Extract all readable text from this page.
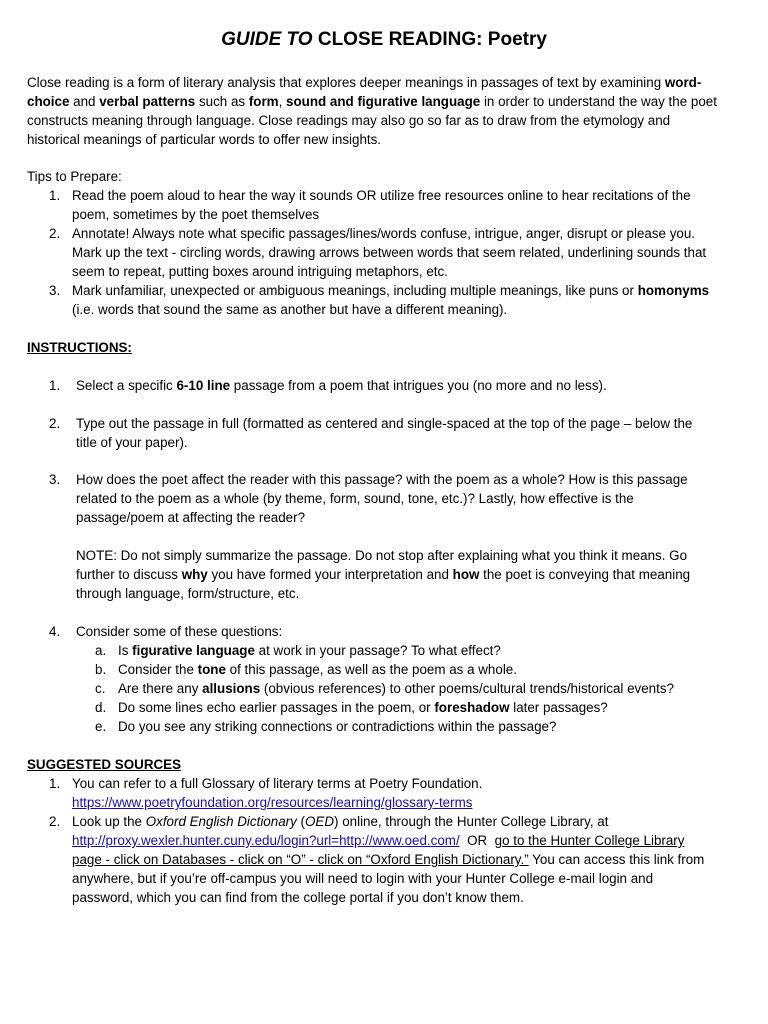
GUIDE TO CLOSE READING: Poetry
Close reading is a form of literary analysis that explores deeper meanings in passages of text by examining word-
choice and verbal patterns such as form, sound and figurative language in order to understand the way the poet
constructs meaning through language. Close readings may also go so far as to draw from the etymology and
historical meanings of particular words to offer new insights.
Tips to Prepare:
1. Read the poem aloud to hear the way it sounds OR utilize free resources online to hear recitations of the
poem, sometimes by the poet themselves
2. Annotate! Always note what specific passages/lines/words confuse, intrigue, anger, disrupt or please you.
Mark up the text - circling words, drawing arrows between words that seem related, underlining sounds that
seem to repeat, putting boxes around intriguing metaphors, etc.
3. Mark unfamiliar, unexpected or ambiguous meanings, including multiple meanings, like puns or homonyms
(i.e. words that sound the same as another but have a different meaning).
INSTRUCTIONS:
1. Select a specific 6-10 line passage from a poem that intrigues you (no more and no less).
2. Type out the passage in full (formatted as centered and single-spaced at the top of the page – below the
title of your paper).
3. How does the poet affect the reader with this passage? with the poem as a whole? How is this passage
related to the poem as a whole (by theme, form, sound, tone, etc.)? Lastly, how effective is the
passage/poem at affecting the reader?
NOTE: Do not simply summarize the passage. Do not stop after explaining what you think it means. Go
further to discuss why you have formed your interpretation and how the poet is conveying that meaning
through language, form/structure, etc.
4. Consider some of these questions:
a. Is figurative language at work in your passage? To what effect?
b. Consider the tone of this passage, as well as the poem as a whole.
c. Are there any allusions (obvious references) to other poems/cultural trends/historical events?
d. Do some lines echo earlier passages in the poem, or foreshadow later passages?
e. Do you see any striking connections or contradictions within the passage?
SUGGESTED SOURCES
1. You can refer to a full Glossary of literary terms at Poetry Foundation.
https://www.poetryfoundation.org/resources/learning/glossary-terms
2. Look up the Oxford English Dictionary (OED) online, through the Hunter College Library, at
http://proxy.wexler.hunter.cuny.edu/login?url=http://www.oed.com/  OR  go to the Hunter College Library
page - click on Databases - click on “O” - click on “Oxford English Dictionary.” You can access this link from
anywhere, but if you’re off-campus you will need to login with your Hunter College e-mail login and
password, which you can find from the college portal if you don’t know them.
